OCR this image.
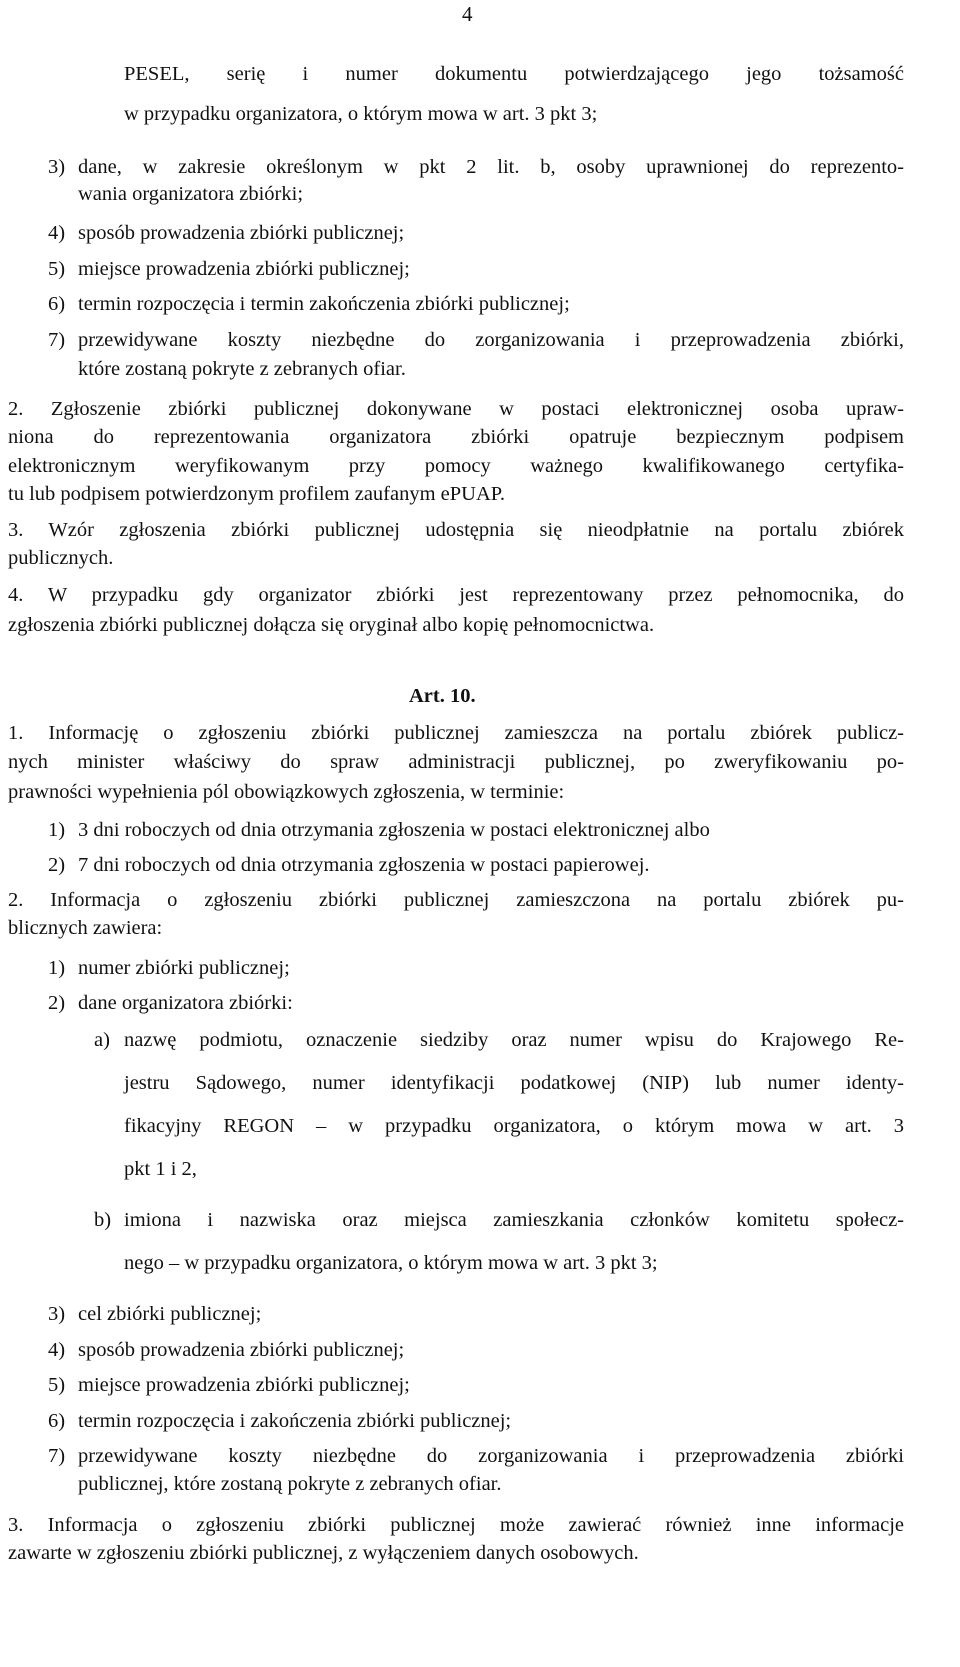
4
PESEL, serię i numer dokumentu potwierdzającego jego tożsamość
w przypadku organizatora, o którym mowa w art. 3 pkt 3;
3) dane, w zakresie określonym w pkt 2 lit. b, osoby uprawnionej do reprezento-
wania organizatora zbiórki;
4) sposób prowadzenia zbiórki publicznej;
5) miejsce prowadzenia zbiórki publicznej;
6) termin rozpoczęcia i termin zakończenia zbiórki publicznej;
7) przewidywane koszty niezbędne do zorganizowania i przeprowadzenia zbiórki,
które zostaną pokryte z zebranych ofiar.
2. Zgłoszenie zbiórki publicznej dokonywane w postaci elektronicznej osoba upraw-
niona do reprezentowania organizatora zbiórki opatruje bezpiecznym podpisem
elektronicznym weryfikowanym przy pomocy ważnego kwalifikowanego certyfika-
tu lub podpisem potwierdzonym profilem zaufanym ePUAP.
3. Wzór zgłoszenia zbiórki publicznej udostępnia się nieodpłatnie na portalu zbiórek
publicznych.
4. W przypadku gdy organizator zbiórki jest reprezentowany przez pełnomocnika, do
zgłoszenia zbiórki publicznej dołącza się oryginał albo kopię pełnomocnictwa.
Art. 10.
1. Informację o zgłoszeniu zbiórki publicznej zamieszcza na portalu zbiórek publicz-
nych minister właściwy do spraw administracji publicznej, po zweryfikowaniu po-
prawności wypełnienia pól obowiązkowych zgłoszenia, w terminie:
1) 3 dni roboczych od dnia otrzymania zgłoszenia w postaci elektronicznej albo
2) 7 dni roboczych od dnia otrzymania zgłoszenia w postaci papierowej.
2. Informacja o zgłoszeniu zbiórki publicznej zamieszczona na portalu zbiórek pu-
blicznych zawiera:
1) numer zbiórki publicznej;
2) dane organizatora zbiórki:
a) nazwę podmiotu, oznaczenie siedziby oraz numer wpisu do Krajowego Re-
jestru Sądowego, numer identyfikacji podatkowej (NIP) lub numer identy-
fikacyjny REGON – w przypadku organizatora, o którym mowa w art. 3
pkt 1 i 2,
b) imiona i nazwiska oraz miejsca zamieszkania członków komitetu społecz-
nego – w przypadku organizatora, o którym mowa w art. 3 pkt 3;
3) cel zbiórki publicznej;
4) sposób prowadzenia zbiórki publicznej;
5) miejsce prowadzenia zbiórki publicznej;
6) termin rozpoczęcia i zakończenia zbiórki publicznej;
7) przewidywane koszty niezbędne do zorganizowania i przeprowadzenia zbiórki
publicznej, które zostaną pokryte z zebranych ofiar.
3. Informacja o zgłoszeniu zbiórki publicznej może zawierać również inne informacje
zawarte w zgłoszeniu zbiórki publicznej, z wyłączeniem danych osobowych.
